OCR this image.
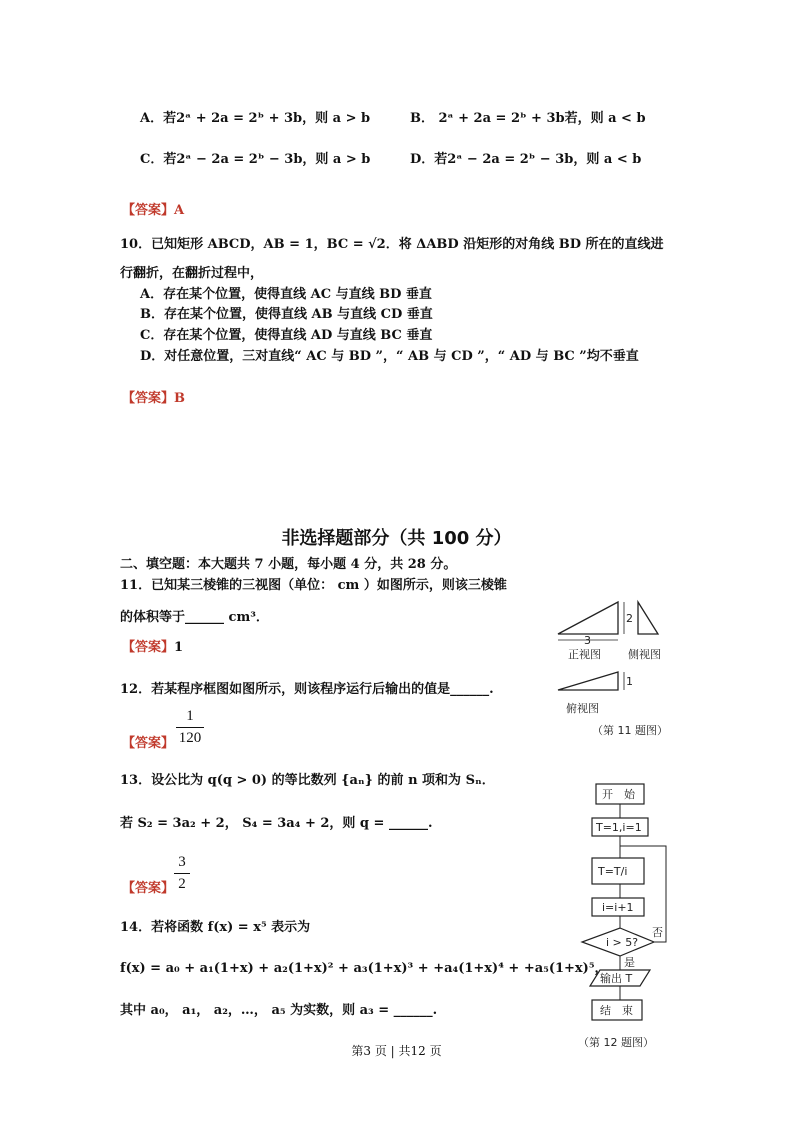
A．若2ᵃ + 2a = 2ᵇ + 3b，则 a > b	B． 2ᵃ + 2a = 2ᵇ + 3b若，则 a < b
C．若2ᵃ − 2a = 2ᵇ − 3b，则 a > b	D．若2ᵃ − 2a = 2ᵇ − 3b，则 a < b
【答案】A
10．已知矩形 ABCD，AB = 1，BC = √2．将 ΔABD 沿矩形的对角线 BD 所在的直线进
行翻折，在翻折过程中，
A．存在某个位置，使得直线 AC 与直线 BD 垂直
B．存在某个位置，使得直线 AB 与直线 CD 垂直
C．存在某个位置，使得直线 AD 与直线 BC 垂直
D．对任意位置，三对直线“ AC 与 BD ”，“ AB 与 CD ”，“ AD 与 BC ”均不垂直
【答案】B
非选择题部分（共 100 分）
二、填空题：本大题共 7 小题，每小题 4 分，共 28 分。
11．已知某三棱锥的三视图（单位： cm ）如图所示，则该三棱锥
的体积等于______ cm³．
【答案】1
12．若某程序框图如图所示，则该程序运行后输出的值是______.
【答案】
1
120
13．设公比为 q(q > 0) 的等比数列 {aₙ} 的前 n 项和为 Sₙ．
若 S₂ = 3a₂ + 2， S₄ = 3a₄ + 2，则 q = ______.
【答案】
3
2
14．若将函数 f(x) = x⁵ 表示为
f(x) = a₀ + a₁(1+x) + a₂(1+x)² + a₃(1+x)³ + +a₄(1+x)⁴ + +a₅(1+x)⁵，
其中 a₀， a₁， a₂，…， a₅ 为实数，则 a₃ = ______.
2
3
正视图 侧视图
1
俯视图
（第 11 题图）
开　始
T=1,i=1
T=T/i
i=i+1
i > 5?
否
是
输出 T
结　束
（第 12 题图）
第3 页 | 共12 页
